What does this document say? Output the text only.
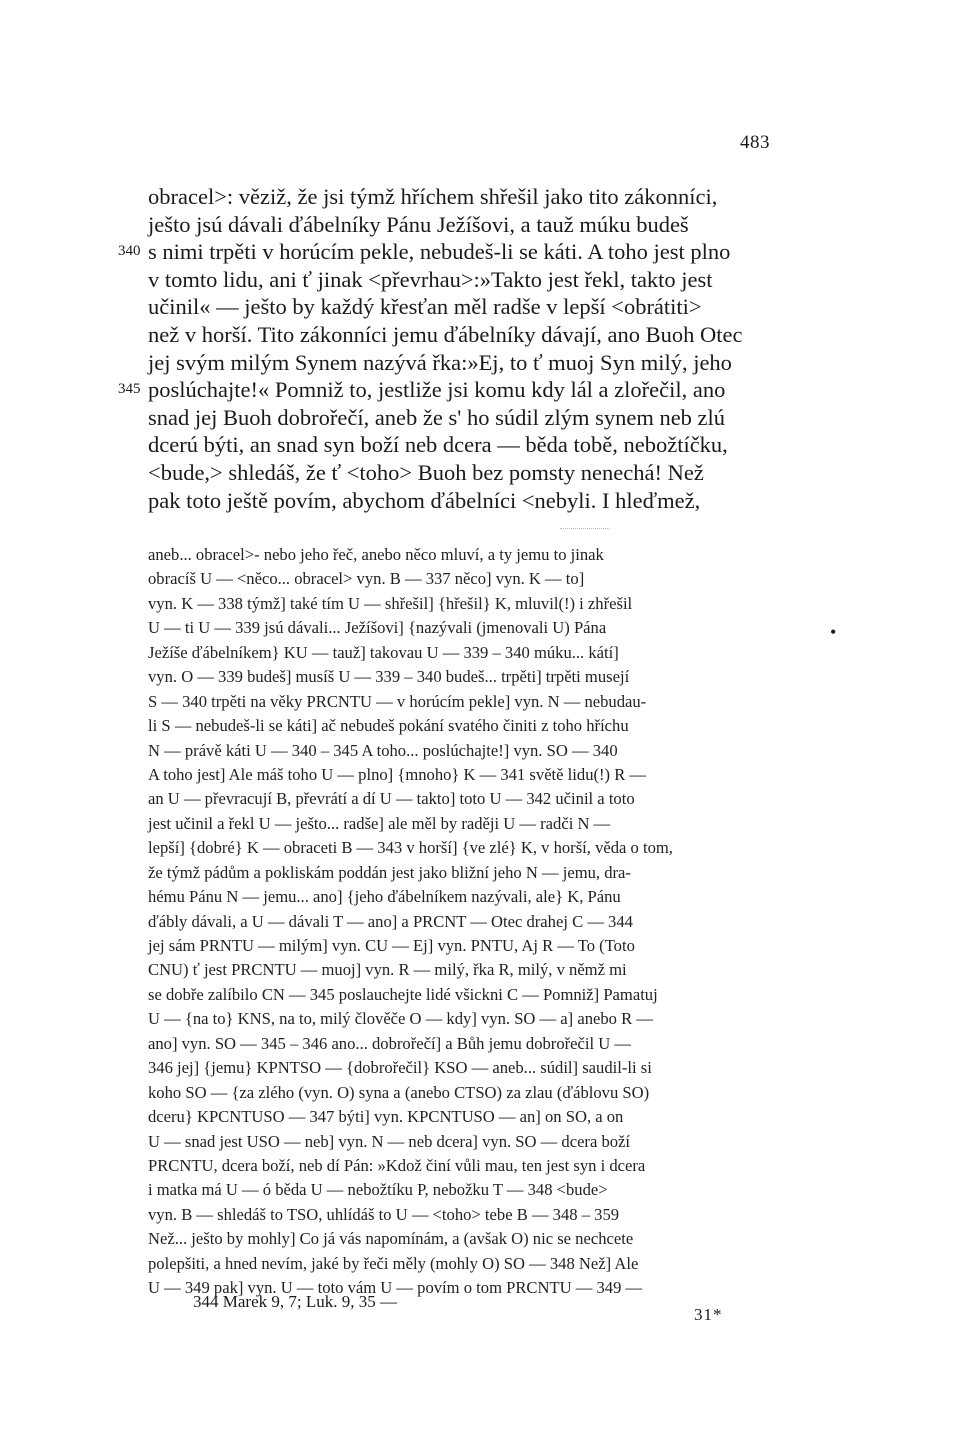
483
obracel>: věziž, že jsi týmž hříchem shřešil jako tito zákonníci,
ješto jsú dávali ďábelníky Pánu Ježíšovi, a tauž múku budeš
340 s nimi trpěti v horúcím pekle, nebudeš-li se káti. A toho jest plno
v tomto lidu, ani ť jinak <převrhau>:»Takto jest řekl, takto jest
učinil« — ješto by každý křesťan měl radše v lepší <obrátiti>
než v horší. Tito zákonníci jemu ďábelníky dávají, ano Buoh Otec
jej svým milým Synem nazývá řka:»Ej, to ť muoj Syn milý, jeho
345 poslúchajte!« Pomniž to, jestliže jsi komu kdy lál a zlořečil, ano
snad jej Buoh dobrořečí, aneb že s' ho súdil zlým synem neb zlú
dcerú býti, an snad syn boží neb dcera — běda tobě, nebožtíčku,
<bude,> shledáš, že ť <toho> Buoh bez pomsty nenechá! Než
pak toto ještě povím, abychom ďábelníci <nebyli. I hleďmež,
aneb... obracel>- nebo jeho řeč, anebo něco mluví, a ty jemu to jinak
obracíš U — <něco... obracel> vyn. B — 337 něco] vyn. K — to]
vyn. K — 338 týmž] také tím U — shřešil] {hřešil} K, mluvil(!) i zhřešil
U — ti U — 339 jsú dávali... Ježíšovi] {nazývali (jmenovali U) Pána
Ježíše ďábelníkem} KU — tauž] takovau U — 339 – 340 múku... kátí]
vyn. O — 339 budeš] musíš U — 339 – 340 budeš... trpěti] trpěti musejí
S — 340 trpěti na věky PRCNTU — v horúcím pekle] vyn. N — nebudau-
li S — nebudeš-li se káti] ač nebudeš pokání svatého činiti z toho hříchu
N — právě káti U — 340 – 345 A toho... poslúchajte!] vyn. SO — 340
A toho jest] Ale máš toho U — plno] {mnoho} K — 341 světě lidu(!) R —
an U — převracují B, převrátí a dí U — takto] toto U — 342 učinil a toto
jest učinil a řekl U — ješto... radše] ale měl by raději U — radči N —
lepší] {dobré} K — obraceti B — 343 v horší] {ve zlé} K, v horší, věda o tom,
že týmž pádům a pokliskám poddán jest jako bližní jeho N — jemu, dra-
hému Pánu N — jemu... ano] {jeho ďábelníkem nazývali, ale} K, Pánu
ďábly dávali, a U — dávali T — ano] a PRCNT — Otec drahej C — 344
jej sám PRNTU — milým] vyn. CU — Ej] vyn. PNTU, Aj R — To (Toto
CNU) ť jest PRCNTU — muoj] vyn. R — milý, řka R, milý, v němž mi
se dobře zalíbilo CN — 345 poslauchejte lidé všickni C — Pomniž] Pamatuj
U — {na to} KNS, na to, milý člověče O — kdy] vyn. SO — a] anebo R —
ano] vyn. SO — 345 – 346 ano... dobrořečí] a Bůh jemu dobrořečil U —
346 jej] {jemu} KPNTSO — {dobrořečil} KSO — aneb... súdil] saudil-li si
koho SO — {za zlého (vyn. O) syna a (anebo CTSO) za zlau (ďáblovu SO)
dceru} KPCNTUSO — 347 býti] vyn. KPCNTUSO — an] on SO, a on
U — snad jest USO — neb] vyn. N — neb dcera] vyn. SO — dcera boží
PRCNTU, dcera boží, neb dí Pán: »Kdož činí vůli mau, ten jest syn i dcera
i matka má U — ó běda U — nebožtíku P, nebožku T — 348 <bude>
vyn. B — shledáš to TSO, uhlídáš to U — <toho> tebe B — 348 – 359
Než... ješto by mohly] Co já vás napomínám, a (avšak O) nic se nechcete
polepšiti, a hned nevím, jaké by řeči měly (mohly O) SO — 348 Než] Ale
U — 349 pak] vyn. U — toto vám U — povím o tom PRCNTU — 349 —
•
344 Marek 9, 7; Luk. 9, 35 —
31*
